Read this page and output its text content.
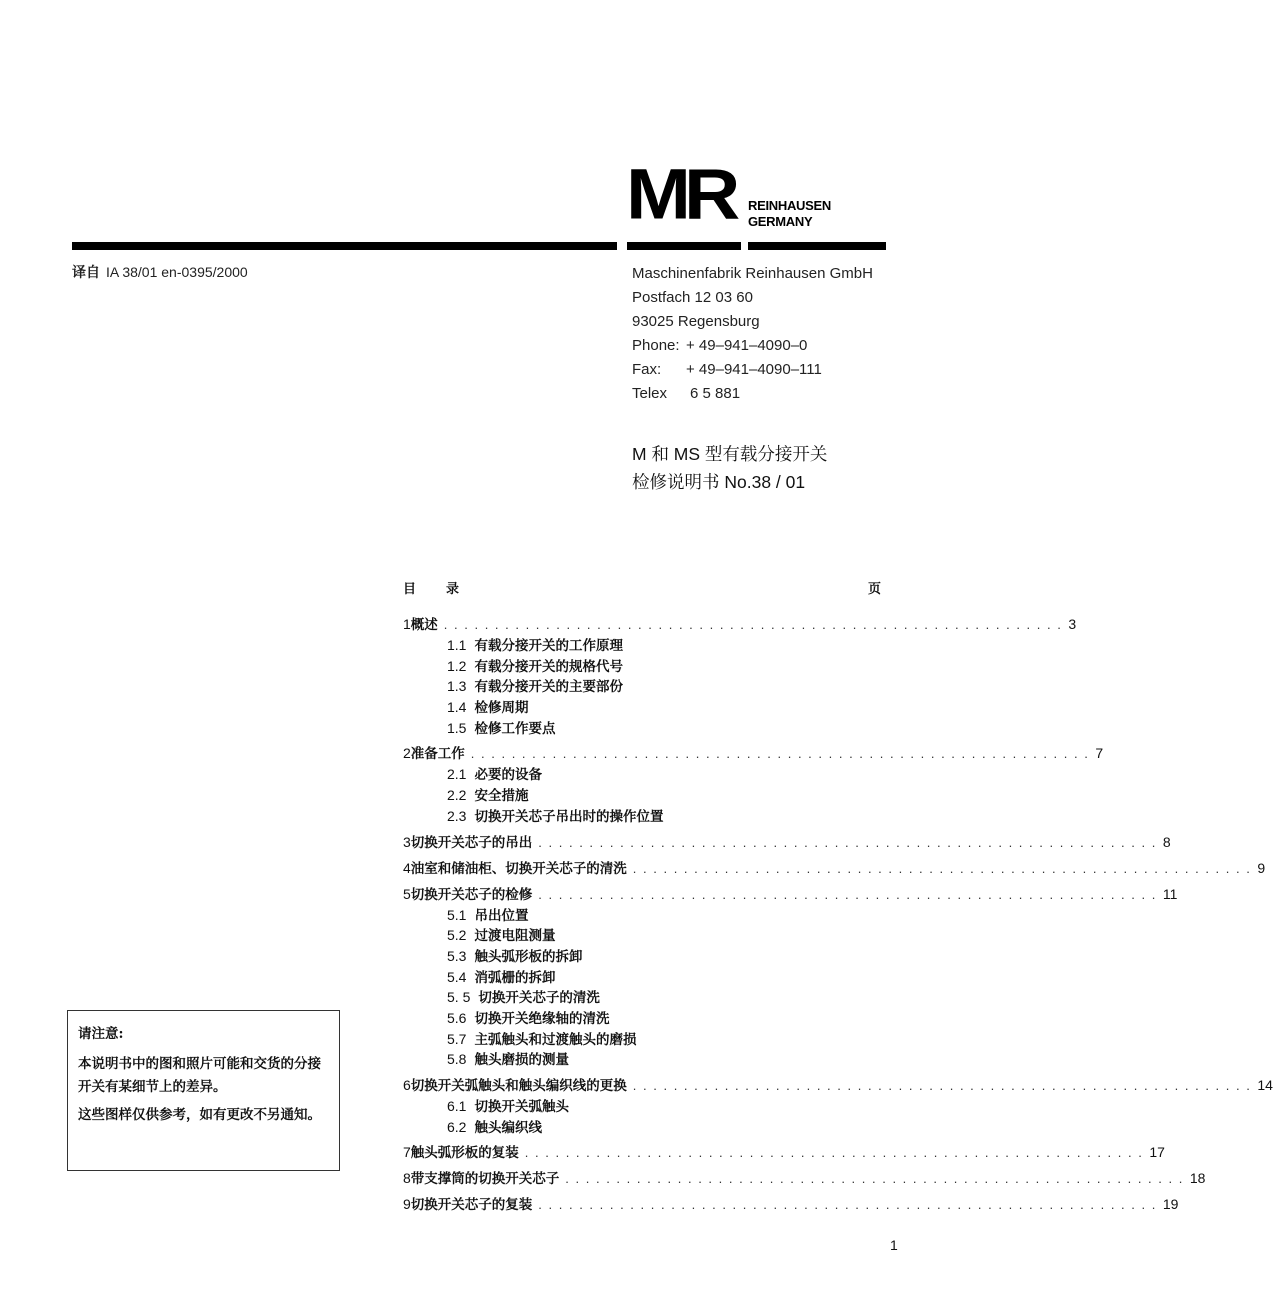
MR REINHAUSEN
GERMANY
译自 IA 38/01 en-0395/2000	Maschinenfabrik Reinhausen GmbH
Postfach 12 03 60
93025 Regensburg
Phone: + 49–941–4090–0
Fax: + 49–941–4090–111
Telex 6 5 881
M 和 MS 型有载分接开关
检修说明书 No.38 / 01
目 录	页
1 概述 . . . . . . . . . . . . . . . . . . . . . . . . . . . . . . . . . . . . . . . . . . . . . . . . . . . . . . . . . . . . . 3
1.1 有载分接开关的工作原理
1.2 有载分接开关的规格代号
1.3 有载分接开关的主要部份
1.4 检修周期
1.5 检修工作要点
2 准备工作 . . . . . . . . . . . . . . . . . . . . . . . . . . . . . . . . . . . . . . . . . . . . . . . . . . . . . . . . . . . . . 7
2.1 必要的设备
2.2 安全措施
2.3 切换开关芯子吊出时的操作位置
3 切换开关芯子的吊出 . . . . . . . . . . . . . . . . . . . . . . . . . . . . . . . . . . . . . . . . . . . . . . . . . . . . . . . . . . . . . 8
4 油室和储油柜、切换开关芯子的清洗 . . . . . . . . . . . . . . . . . . . . . . . . . . . . . . . . . . . . . . . . . . . . . . . . . . . . . . . . . . . . . 9
5 切换开关芯子的检修 . . . . . . . . . . . . . . . . . . . . . . . . . . . . . . . . . . . . . . . . . . . . . . . . . . . . . . . . . . . . . 11
5.1 吊出位置
5.2 过渡电阻测量
5.3 触头弧形板的拆卸
5.4 消弧栅的拆卸
5. 5 切换开关芯子的清洗
5.6 切换开关绝缘轴的清洗
5.7 主弧触头和过渡触头的磨损
5.8 触头磨损的测量
6 切换开关弧触头和触头编织线的更换 . . . . . . . . . . . . . . . . . . . . . . . . . . . . . . . . . . . . . . . . . . . . . . . . . . . . . . . . . . . . . 14
6.1 切换开关弧触头
6.2 触头编织线
7 触头弧形板的复装 . . . . . . . . . . . . . . . . . . . . . . . . . . . . . . . . . . . . . . . . . . . . . . . . . . . . . . . . . . . . . 17
8 带支撑筒的切换开关芯子 . . . . . . . . . . . . . . . . . . . . . . . . . . . . . . . . . . . . . . . . . . . . . . . . . . . . . . . . . . . . . 18
9 切换开关芯子的复装 . . . . . . . . . . . . . . . . . . . . . . . . . . . . . . . . . . . . . . . . . . . . . . . . . . . . . . . . . . . . . 19

请注意:

本说明书中的图和照片可能和交货的分接开关有某细节上的差异。

这些图样仅供参考，如有更改不另通知。

1
